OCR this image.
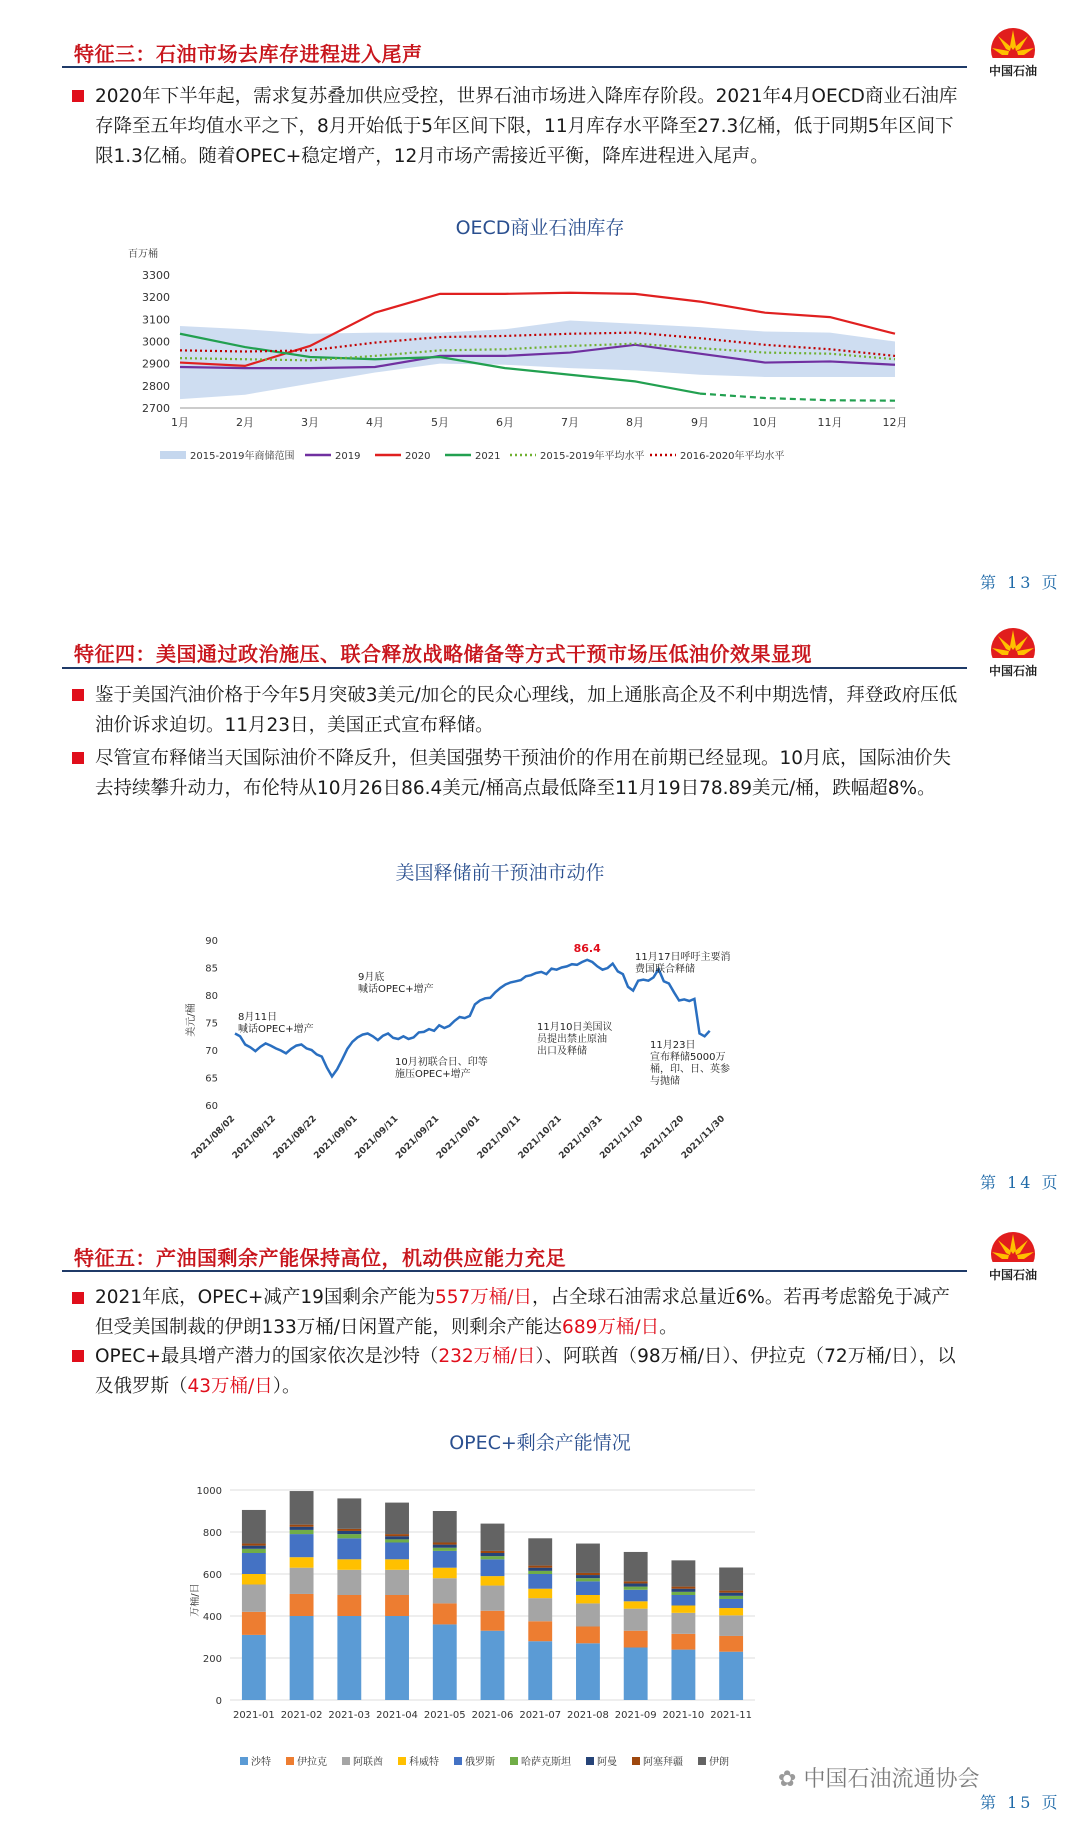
特征三：石油市场去库存进程进入尾声
中国石油
2020年下半年起，需求复苏叠加供应受控，世界石油市场进入降库存阶段。2021年4月OECD商业石油库存降至五年均值水平之下，8月开始低于5年区间下限，11月库存水平降至27.3亿桶，低于同期5年区间下限1.3亿桶。随着OPEC+稳定增产，12月市场产需接近平衡，降库进程进入尾声。
OECD商业石油库存
百万桶
2700
2800
2900
3000
3100
3200
3300
1月	2月	3月	4月	5月	6月	7月	8月	9月	10月	11月	12月
2015-2019年商储范围	2019	2020	2021	2015-2019年平均水平	2016-2020年平均水平
第 13 页
特征四：美国通过政治施压、联合释放战略储备等方式干预市场压低油价效果显现
中国石油
鉴于美国汽油价格于今年5月突破3美元/加仑的民众心理线，加上通胀高企及不利中期选情，拜登政府压低油价诉求迫切。11月23日，美国正式宣布释储。
尽管宣布释储当天国际油价不降反升，但美国强势干预油价的作用在前期已经显现。10月底，国际油价失去持续攀升动力，布伦特从10月26日86.4美元/桶高点最低降至11月19日78.89美元/桶，跌幅超8%。
美国释储前干预油市动作
美元/桶
60
65
70
75
80
85
90
2021/08/02
2021/08/12
2021/08/22
2021/09/01
2021/09/11
2021/09/21
2021/10/01
2021/10/11
2021/10/21
2021/10/31
2021/11/10
2021/11/20
2021/11/30
86.4
8月11日
喊话OPEC+增产
9月底
喊话OPEC+增产
10月初联合日、印等
施压OPEC+增产
11月10日美国议
员提出禁止原油
出口及释储
11月17日呼吁主要消
费国联合释储
11月23日
宣布释储5000万
桶，印、日、英参
与抛储
第 14 页
特征五：产油国剩余产能保持高位，机动供应能力充足
中国石油
2021年底，OPEC+减产19国剩余产能为557万桶/日，占全球石油需求总量近6%。若再考虑豁免于减产但受美国制裁的伊朗133万桶/日闲置产能，则剩余产能达689万桶/日。
OPEC+最具增产潜力的国家依次是沙特（232万桶/日）、阿联酋（98万桶/日）、伊拉克（72万桶/日），以及俄罗斯（43万桶/日）。
OPEC+剩余产能情况
万桶/日
0
200
400
600
800
1000
2021-01 2021-02 2021-03 2021-04 2021-05 2021-06 2021-07 2021-08 2021-09 2021-10 2021-11
沙特	伊拉克	阿联酋	科威特	俄罗斯	哈萨克斯坦	阿曼	阿塞拜疆	伊朗
✿ 中国石油流通协会
第 15 页
